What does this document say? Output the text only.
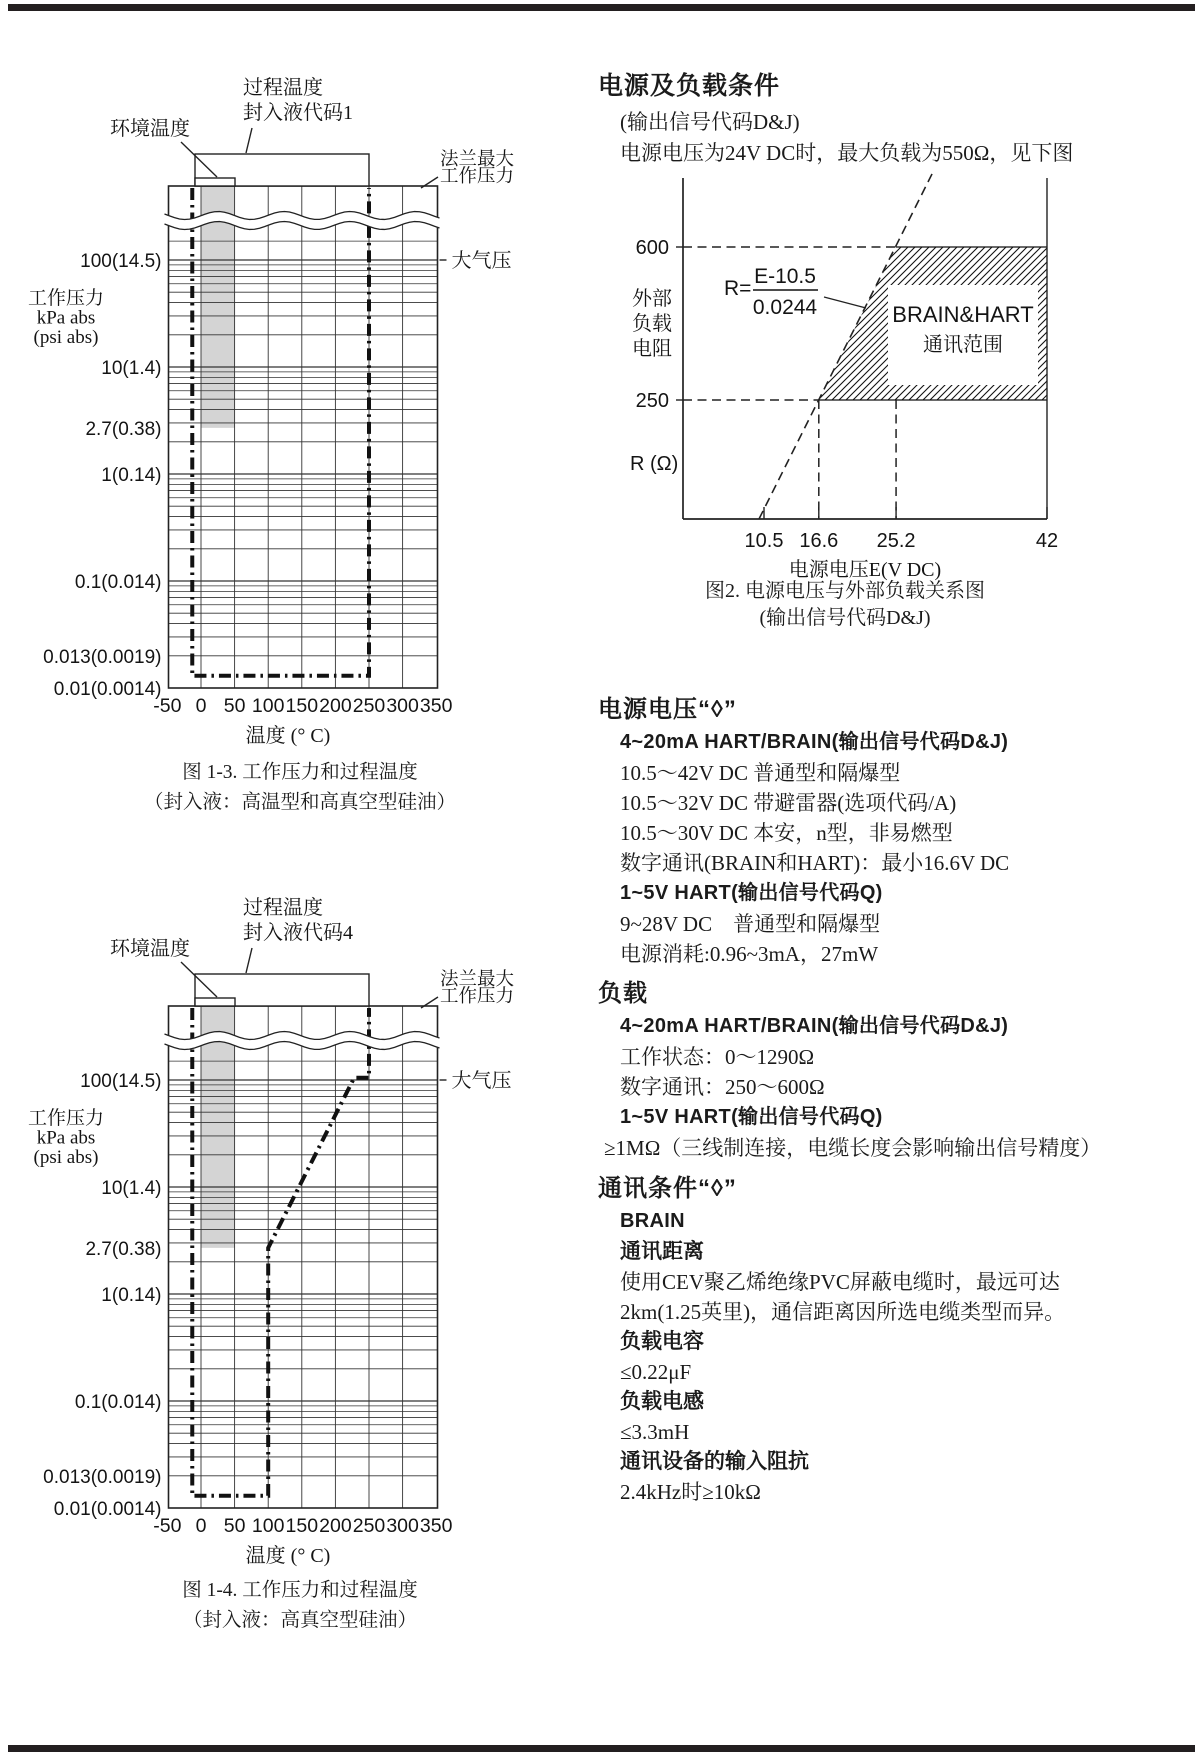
100(14.5)
10(1.4)
2.7(0.38)
1(0.14)
0.1(0.014)
0.013(0.0019)
0.01(0.0014)
-50 0 50 100 150 200 250 300 350
温度 (° C)
工作压力
kPa abs
(psi abs)
环境温度
过程温度
封入液代码1
法兰最大
工作压力
大气压
图 1-3. 工作压力和过程温度
（封入液：高温型和高真空型硅油）
100(14.5)
10(1.4)
2.7(0.38)
1(0.14)
0.1(0.014)
0.013(0.0019)
0.01(0.0014)
-50 0 50 100 150 200 250 300 350
温度 (° C)
工作压力
kPa abs
(psi abs)
环境温度
过程温度
封入液代码4
法兰最大
工作压力
大气压
图 1-4. 工作压力和过程温度
（封入液：高真空型硅油）
电源及负载条件
(输出信号代码D&J)
电源电压为24V DC时，最大负载为550Ω，见下图
BRAIN&HART
通讯范围
10.5 16.6 25.2	42
600
250
外部
负载
电阻
R (Ω)
电源电压E(V DC)
R=
E-10.5
0.0244
图2. 电源电压与外部负载关系图
(输出信号代码D&J)
电源电压“◊”
4~20mA HART/BRAIN(输出信号代码D&J)
10.5～42V DC 普通型和隔爆型
10.5～32V DC 带避雷器(选项代码/A)
10.5～30V DC 本安，n型，非易燃型
数字通讯(BRAIN和HART)：最小16.6V DC
1~5V HART(输出信号代码Q)
9~28V DC　普通型和隔爆型
电源消耗:0.96~3mA，27mW
负载
4~20mA HART/BRAIN(输出信号代码D&J)
工作状态：0～1290Ω
数字通讯：250～600Ω
1~5V HART(输出信号代码Q)
≥1MΩ（三线制连接，电缆长度会影响输出信号精度）
通讯条件“◊”
BRAIN
通讯距离
使用CEV聚乙烯绝缘PVC屏蔽电缆时，最远可达
2km(1.25英里)，通信距离因所选电缆类型而异。
负载电容
≤0.22μF
负载电感
≤3.3mH
通讯设备的输入阻抗
2.4kHz时≥10kΩ
